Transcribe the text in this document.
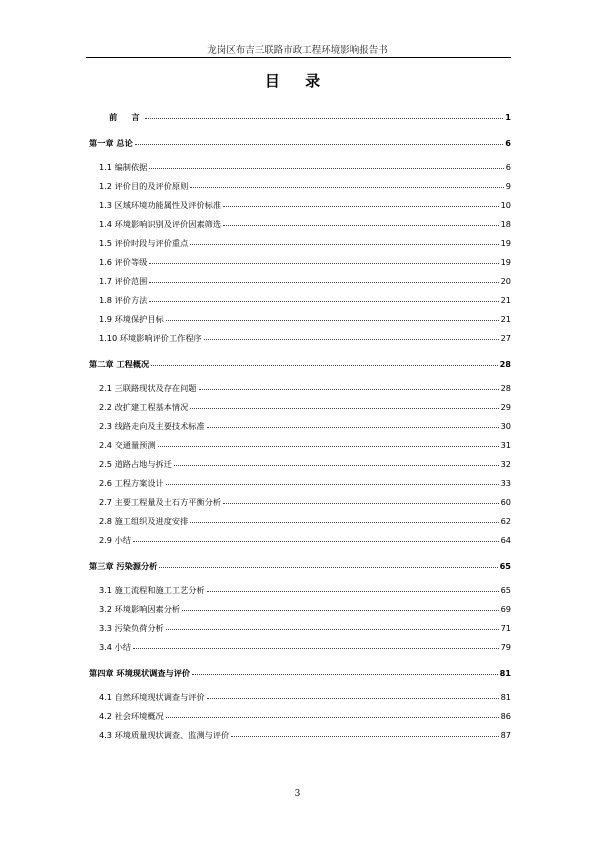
龙岗区布吉三联路市政工程环境影响报告书
目 录
前　言	1
第一章 总论	6
1.1 编制依据	6
1.2 评价目的及评价原则	9
1.3 区域环境功能属性及评价标准	10
1.4 环境影响识别及评价因素筛选	18
1.5 评价时段与评价重点	19
1.6 评价等级	19
1.7 评价范围	20
1.8 评价方法	21
1.9 环境保护目标	21
1.10 环境影响评价工作程序	27
第二章 工程概况	28
2.1 三联路现状及存在问题	28
2.2 改扩建工程基本情况	29
2.3 线路走向及主要技术标准	30
2.4 交通量预测	31
2.5 道路占地与拆迁	32
2.6 工程方案设计	33
2.7 主要工程量及土石方平衡分析	60
2.8 施工组织及进度安排	62
2.9 小结	64
第三章 污染源分析	65
3.1 施工流程和施工工艺分析	65
3.2 环境影响因素分析	69
3.3 污染负荷分析	71
3.4 小结	79
第四章 环境现状调查与评价	81
4.1 自然环境现状调查与评价	81
4.2 社会环境概况	86
4.3 环境质量现状调查、监测与评价	87
3
